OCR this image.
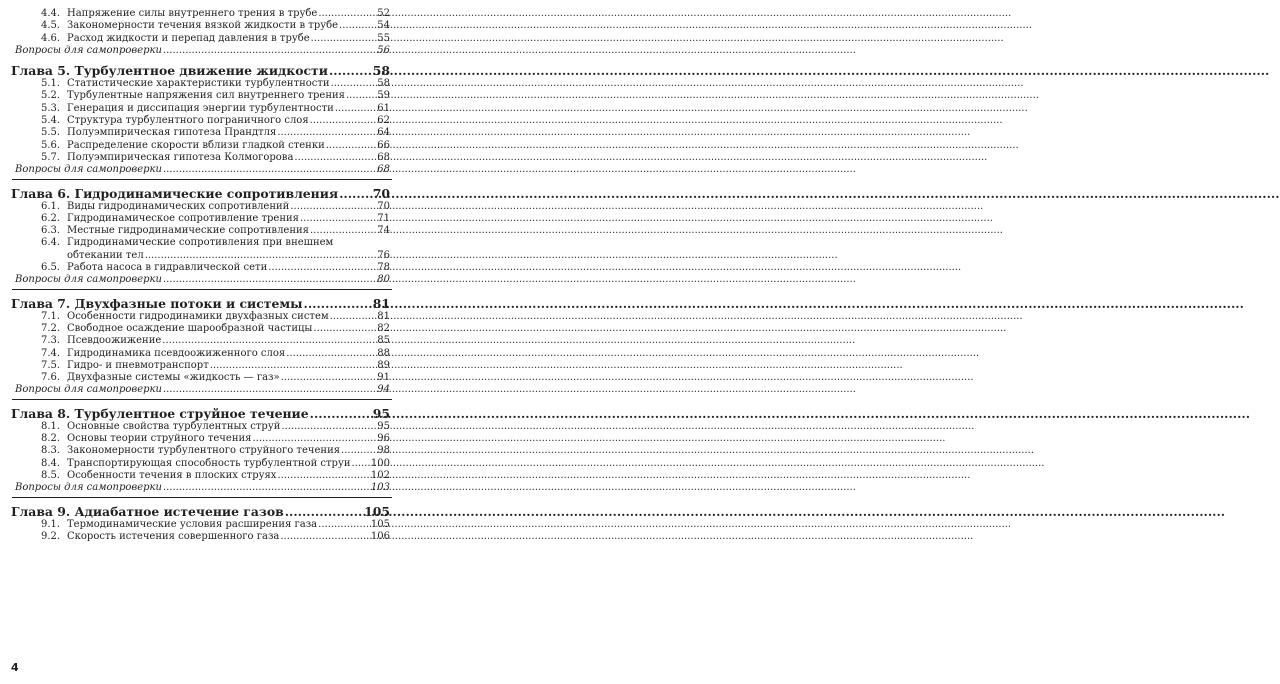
4.4. Напряжение силы внутреннего трения в трубе .....	52
4.5. Закономерности течения вязкой жидкости в трубе .....	54
4.6. Расход жидкости и перепад давления в трубе .....	55
Вопросы для самопроверки .....	56
Глава 5. Турбулентное движение жидкости .....	58
5.1. Статистические характеристики турбулентности .....	58
5.2. Турбулентные напряжения сил внутреннего трения .....	59
5.3. Генерация и диссипация энергии турбулентности .....	61
5.4. Структура турбулентного пограничного слоя .....	62
5.5. Полуэмпирическая гипотеза Прандтля .....	64
5.6. Распределение скорости вблизи гладкой стенки .....	66
5.7. Полуэмпирическая гипотеза Колмогорова .....	68
Вопросы для самопроверки .....	68
Глава 6. Гидродинамические сопротивления .....	70
6.1. Виды гидродинамических сопротивлений .....	70
6.2. Гидродинамическое сопротивление трения .....	71
6.3. Местные гидродинамические сопротивления .....	74
6.4. Гидродинамические сопротивления при внешнем
обтекании тел .....	76
6.5. Работа насоса в гидравлической сети .....	78
Вопросы для самопроверки .....	80
Глава 7. Двухфазные потоки и системы .....	81
7.1. Особенности гидродинамики двухфазных систем .....	81
7.2. Свободное осаждение шарообразной частицы .....	82
7.3. Псевдоожижение .....	85
7.4. Гидродинамика псевдоожиженного слоя .....	88
7.5. Гидро- и пневмотранспорт .....	89
7.6. Двухфазные системы «жидкость — газ» .....	91
Вопросы для самопроверки .....	94
Глава 8. Турбулентное струйное течение .....	95
8.1. Основные свойства турбулентных струй .....	95
8.2. Основы теории струйного течения .....	96
8.3. Закономерности турбулентного струйного течения .....	98
8.4. Транспортирующая способность турбулентной струи ..... 100
8.5. Особенности течения в плоских струях .....	102
Вопросы для самопроверки .....	103
Глава 9. Адиабатное истечение газов .....	105
9.1. Термодинамические условия расширения газа .....	105
9.2. Скорость истечения совершенного газа .....	106
4
